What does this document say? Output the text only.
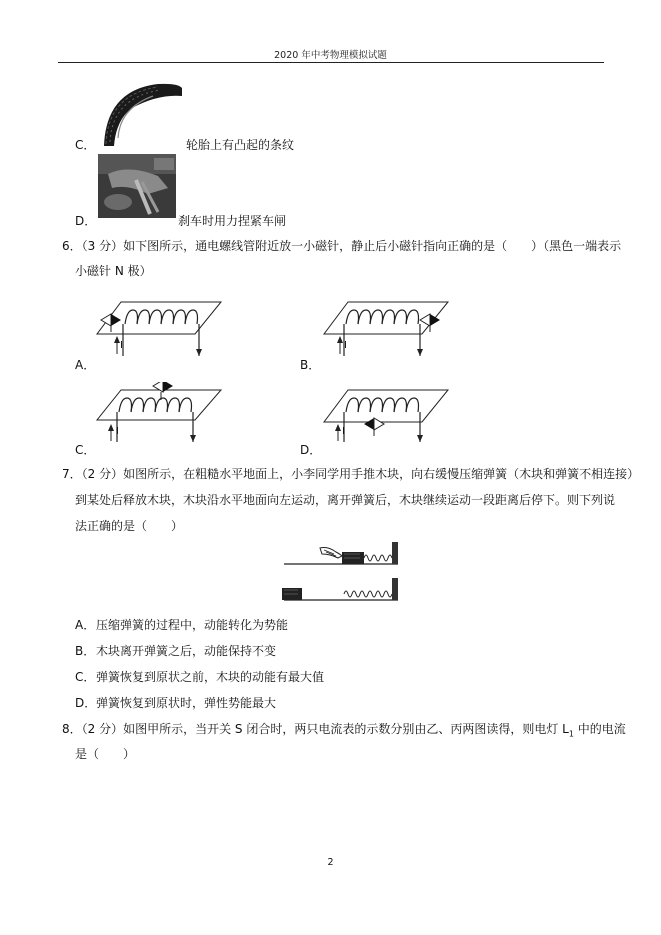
2020 年中考物理模拟试题
C．	轮胎上有凸起的条纹
D．	刹车时用力捏紧车闸
6．（3 分）如下图所示，通电螺线管附近放一小磁针，静止后小磁针指向正确的是（　　）（黑色一端表示
小磁针 N 极）
I
A．
I
B．
I
C．
I
D．
7．（2 分）如图所示，在粗糙水平地面上，小李同学用手推木块，向右缓慢压缩弹簧（木块和弹簧不相连接）
到某处后释放木块，木块沿水平地面向左运动，离开弹簧后，木块继续运动一段距离后停下。则下列说
法正确的是（　　）
A． 压缩弹簧的过程中，动能转化为势能
B． 木块离开弹簧之后，动能保持不变
C． 弹簧恢复到原状之前，木块的动能有最大值
D． 弹簧恢复到原状时，弹性势能最大
8．（2 分）如图甲所示，当开关 S 闭合时，两只电流表的示数分别由乙、丙两图读得，则电灯 $L_1$ 中的电流
是（　　）
2
